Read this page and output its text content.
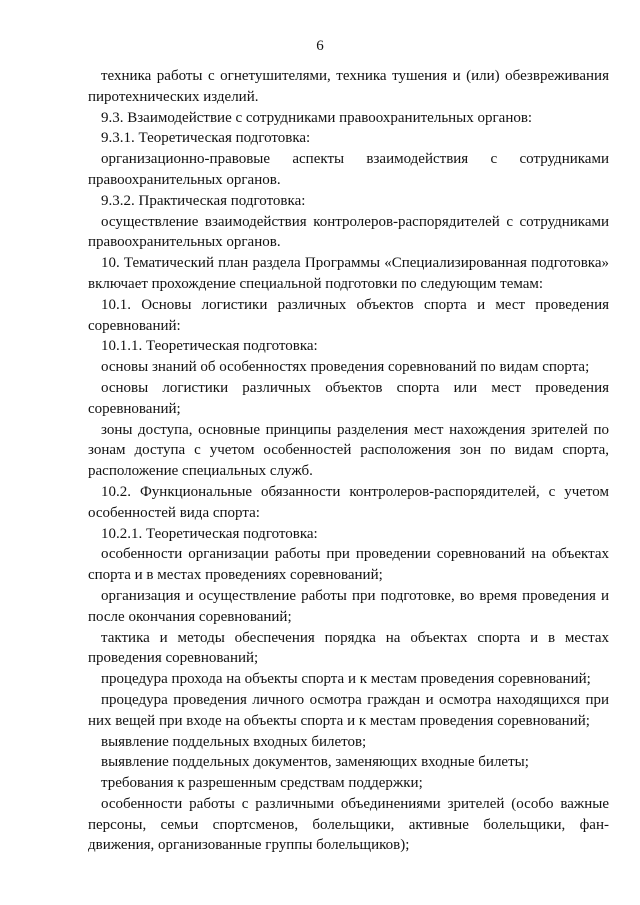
6

техника работы с огнетушителями, техника тушения и (или) обезвреживания пиротехнических изделий.

9.3. Взаимодействие с сотрудниками правоохранительных органов:

9.3.1. Теоретическая подготовка:

организационно-правовые аспекты взаимодействия с сотрудниками правоохранительных органов.

9.3.2. Практическая подготовка:

осуществление взаимодействия контролеров-распорядителей с сотрудниками правоохранительных органов.

10. Тематический план раздела Программы «Специализированная подготовка» включает прохождение специальной подготовки по следующим темам:

10.1. Основы логистики различных объектов спорта и мест проведения соревнований:

10.1.1. Теоретическая подготовка:

основы знаний об особенностях проведения соревнований по видам спорта;

основы логистики различных объектов спорта или мест проведения соревнований;

зоны доступа, основные принципы разделения мест нахождения зрителей по зонам доступа с учетом особенностей расположения зон по видам спорта, расположение специальных служб.

10.2. Функциональные обязанности контролеров-распорядителей, с учетом особенностей вида спорта:

10.2.1. Теоретическая подготовка:

особенности организации работы при проведении соревнований на объектах спорта и в местах проведениях соревнований;

организация и осуществление работы при подготовке, во время проведения и после окончания соревнований;

тактика и методы обеспечения порядка на объектах спорта и в местах проведения соревнований;

процедура прохода на объекты спорта и к местам проведения соревнований;

процедура проведения личного осмотра граждан и осмотра находящихся при них вещей при входе на объекты спорта и к местам проведения соревнований;

выявление поддельных входных билетов;

выявление поддельных документов, заменяющих входные билеты;

требования к разрешенным средствам поддержки;

особенности работы с различными объединениями зрителей (особо важные персоны, семьи спортсменов, болельщики, активные болельщики, фан-движения, организованные группы болельщиков);
